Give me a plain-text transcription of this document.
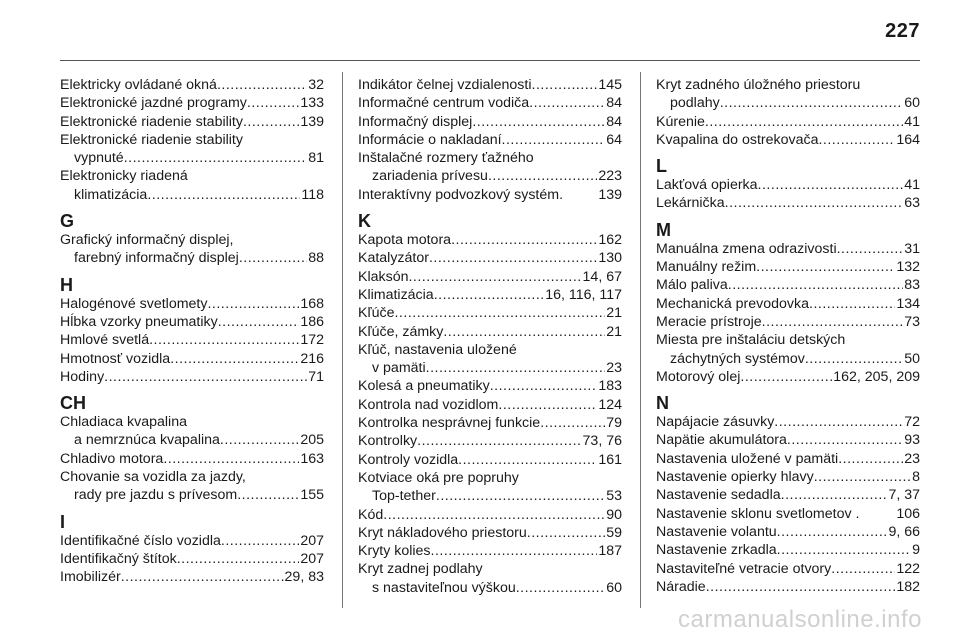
227
Elektricky ovládané okná .....	32
Elektronické jazdné programy .....	133
Elektronické riadenie stability .....	139
Elektronické riadenie stability
vypnuté .....	81
Elektronicky riadená
klimatizácia .....	118
G
Grafický informačný displej,
farebný informačný displej .....	88
H
Halogénové svetlomety .....	168
Hĺbka vzorky pneumatiky .....	186
Hmlové svetlá .....	172
Hmotnosť vozidla .....	216
Hodiny .....	71
CH
Chladiaca kvapalina
a nemrznúca kvapalina .....	205
Chladivo motora .....	163
Chovanie sa vozidla za jazdy,
rady pre jazdu s prívesom .....	155
I
Identifikačné číslo vozidla .....	207
Identifikačný štítok .....	207
Imobilizér .....	29, 83
Indikátor čelnej vzdialenosti .....	145
Informačné centrum vodiča .....	84
Informačný displej .....	84
Informácie o nakladaní .....	64
Inštalačné rozmery ťažného
zariadenia prívesu .....	223
Interaktívny podvozkový systém. 139
K
Kapota motora .....	162
Katalyzátor .....	130
Klaksón .....	14, 67
Klimatizácia .....	16, 116, 117
Kľúče .....	21
Kľúče, zámky .....	21
Kľúč, nastavenia uložené
v pamäti .....	23
Kolesá a pneumatiky .....	183
Kontrola nad vozidlom .....	124
Kontrolka nesprávnej funkcie .....	79
Kontrolky .....	73, 76
Kontroly vozidla .....	161
Kotviace oká pre popruhy
Top-tether .....	53
Kód .....	90
Kryt nákladového priestoru .....	59
Kryty kolies .....	187
Kryt zadnej podlahy
s nastaviteľnou výškou .....	60
Kryt zadného úložného priestoru
podlahy .....	60
Kúrenie .....	41
Kvapalina do ostrekovača .....	164
L
Lakťová opierka .....	41
Lekárnička .....	63
M
Manuálna zmena odrazivosti .....	31
Manuálny režim .....	132
Málo paliva .....	83
Mechanická prevodovka .....	134
Meracie prístroje .....	73
Miesta pre inštaláciu detských
záchytných systémov .....	50
Motorový olej .....	162, 205, 209
N
Napájacie zásuvky .....	72
Napätie akumulátora .....	93
Nastavenia uložené v pamäti .....	23
Nastavenie opierky hlavy .....	8
Nastavenie sedadla .....	7, 37
Nastavenie sklonu svetlometov .	106
Nastavenie volantu .....	9, 66
Nastavenie zrkadla .....	9
Nastaviteľné vetracie otvory .....	122
Náradie .....	182
carmanualsonline.info
